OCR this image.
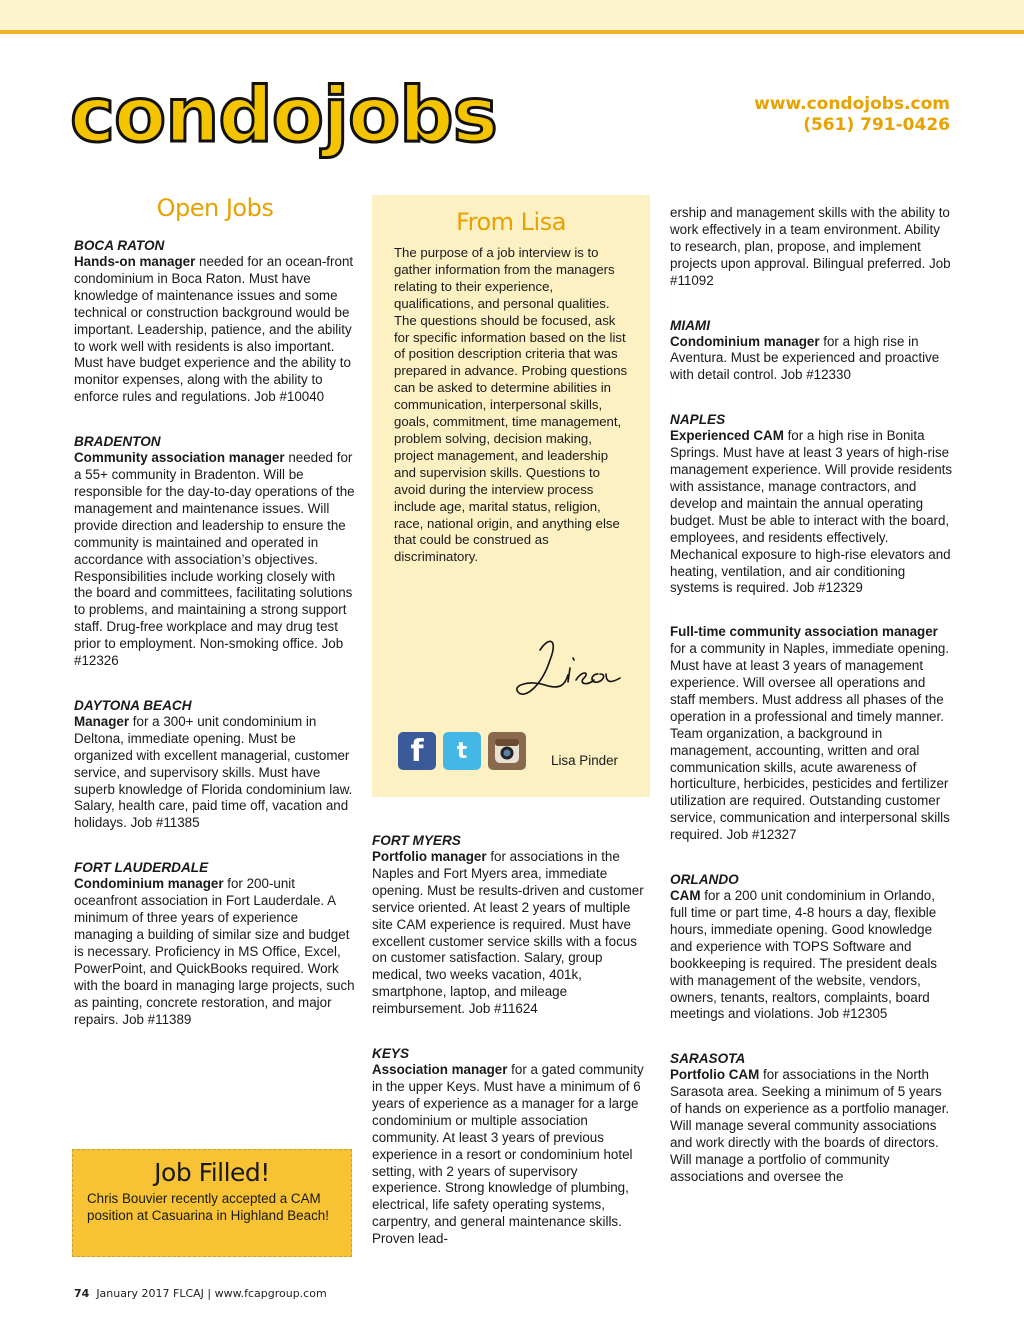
condojobs	www.condojobs.com
(561) 791-0426
Open Jobs

BOCA RATON

Hands-on manager needed for an ocean-front condominium in Boca Raton. Must have knowledge of maintenance issues and some technical or construction background would be important. Leadership, patience, and the ability to work well with residents is also important. Must have budget experience and the ability to monitor expenses, along with the ability to enforce rules and regulations. Job #10040

BRADENTON

Community association manager needed for a 55+ community in Bradenton. Will be responsible for the day-to-day operations of the management and maintenance issues. Will provide direction and leadership to ensure the community is maintained and operated in accordance with association’s objectives. Responsibilities include working closely with the board and committees, facilitating solutions to problems, and maintaining a strong support staff. Drug-free workplace and may drug test prior to employment. Non-smoking office. Job #12326

DAYTONA BEACH

Manager for a 300+ unit condominium in Deltona, immediate opening. Must be organized with excellent managerial, customer service, and supervisory skills. Must have superb knowledge of Florida condominium law. Salary, health care, paid time off, vacation and holidays. Job #11385

FORT LAUDERDALE

Condominium manager for 200-unit oceanfront association in Fort Lauderdale. A minimum of three years of experience managing a building of similar size and budget is necessary. Proficiency in MS Office, Excel, PowerPoint, and QuickBooks required. Work with the board in managing large projects, such as painting, concrete restoration, and major repairs. Job #11389

From Lisa

The purpose of a job interview is to gather information from the managers relating to their experience, qualifications, and personal qualities. The questions should be focused, ask for specific information based on the list of position description criteria that was prepared in advance. Probing questions can be asked to determine abilities in communication, interpersonal skills, goals, commitment, time management, problem solving, decision making, project management, and leadership and supervision skills. Questions to avoid during the interview process include age, marital status, religion, race, national origin, and anything else that could be construed as discriminatory.

f	t	Lisa Pinder

FORT MYERS

Portfolio manager for associations in the Naples and Fort Myers area, immediate opening. Must be results-driven and customer service oriented. At least 2 years of multiple site CAM experience is required. Must have excellent customer service skills with a focus on customer satisfaction. Salary, group medical, two weeks vacation, 401k, smartphone, laptop, and mileage reimbursement. Job #11624

KEYS

Association manager for a gated community in the upper Keys. Must have a minimum of 6 years of experience as a manager for a large condominium or multiple association community. At least 3 years of previous experience in a resort or condominium hotel setting, with 2 years of supervisory experience. Strong knowledge of plumbing, electrical, life safety operating systems, carpentry, and general maintenance skills. Proven lead-

ership and management skills with the ability to work effectively in a team environment. Ability to research, plan, propose, and implement projects upon approval. Bilingual preferred. Job #11092

MIAMI

Condominium manager for a high rise in Aventura. Must be experienced and proactive with detail control. Job #12330

NAPLES

Experienced CAM for a high rise in Bonita Springs. Must have at least 3 years of high-rise management experience. Will provide residents with assistance, manage contractors, and develop and maintain the annual operating budget. Must be able to interact with the board, employees, and residents effectively. Mechanical exposure to high-rise elevators and heating, ventilation, and air conditioning systems is required. Job #12329

Full-time community association manager for a community in Naples, immediate opening. Must have at least 3 years of management experience. Will oversee all operations and staff members. Must address all phases of the operation in a professional and timely manner. Team organization, a background in management, accounting, written and oral communication skills, acute awareness of horticulture, herbicides, pesticides and fertilizer utilization are required. Outstanding customer service, communication and interpersonal skills required. Job #12327

ORLANDO

CAM for a 200 unit condominium in Orlando, full time or part time, 4-8 hours a day, flexible hours, immediate opening. Good knowledge and experience with TOPS Software and bookkeeping is required. The president deals with management of the website, vendors, owners, tenants, realtors, complaints, board meetings and violations. Job #12305

SARASOTA

Portfolio CAM for associations in the North Sarasota area. Seeking a minimum of 5 years of hands on experience as a portfolio manager. Will manage several community associations and work directly with the boards of directors. Will manage a portfolio of community associations and oversee the

Job Filled!

Chris Bouvier recently accepted a CAM position at Casuarina in Highland Beach!

74 January 2017 FLCAJ | www.fcapgroup.com
